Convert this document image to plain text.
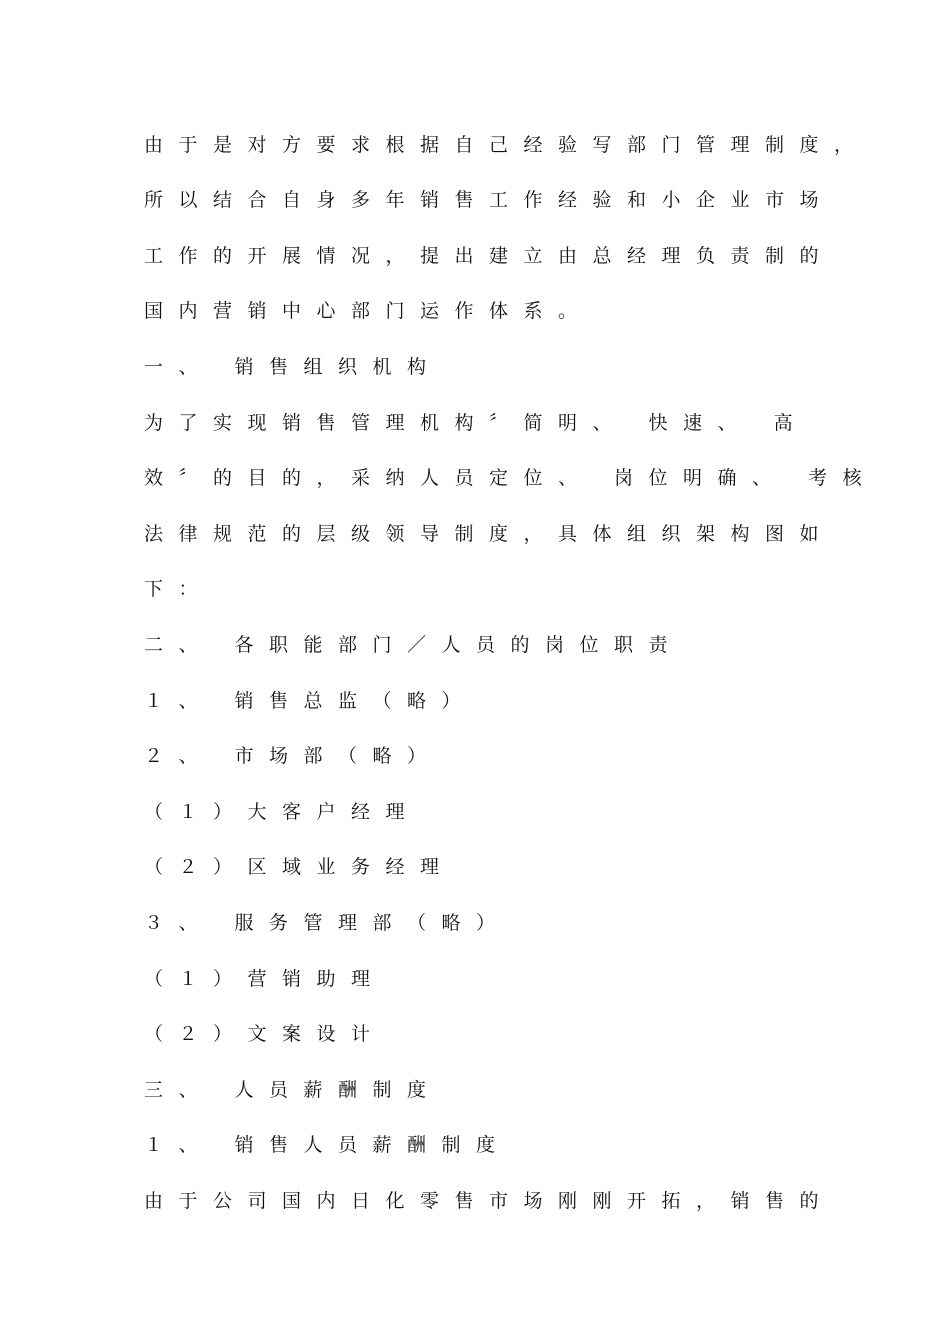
由于是对方要求根据自己经验写部门管理制度，

所以结合自身多年销售工作经验和小企业市场

工作的开展情况，提出建立由总经理负责制的

国内营销中心部门运作体系。

一、 销售组织机构

为了实现销售管理机构〞简明、 快速、 高

效〞的目的，采纳人员定位、 岗位明确、 考核

法律规范的层级领导制度，具体组织架构图如

下：

二、 各职能部门／人员的岗位职责

１、 销售总监（略）

２、 市场部（略）

（１）大客户经理

（２）区域业务经理

３、 服务管理部（略）

（１）营销助理

（２）文案设计

三、 人员薪酬制度

１、 销售人员薪酬制度

由于公司国内日化零售市场刚刚开拓，销售的
